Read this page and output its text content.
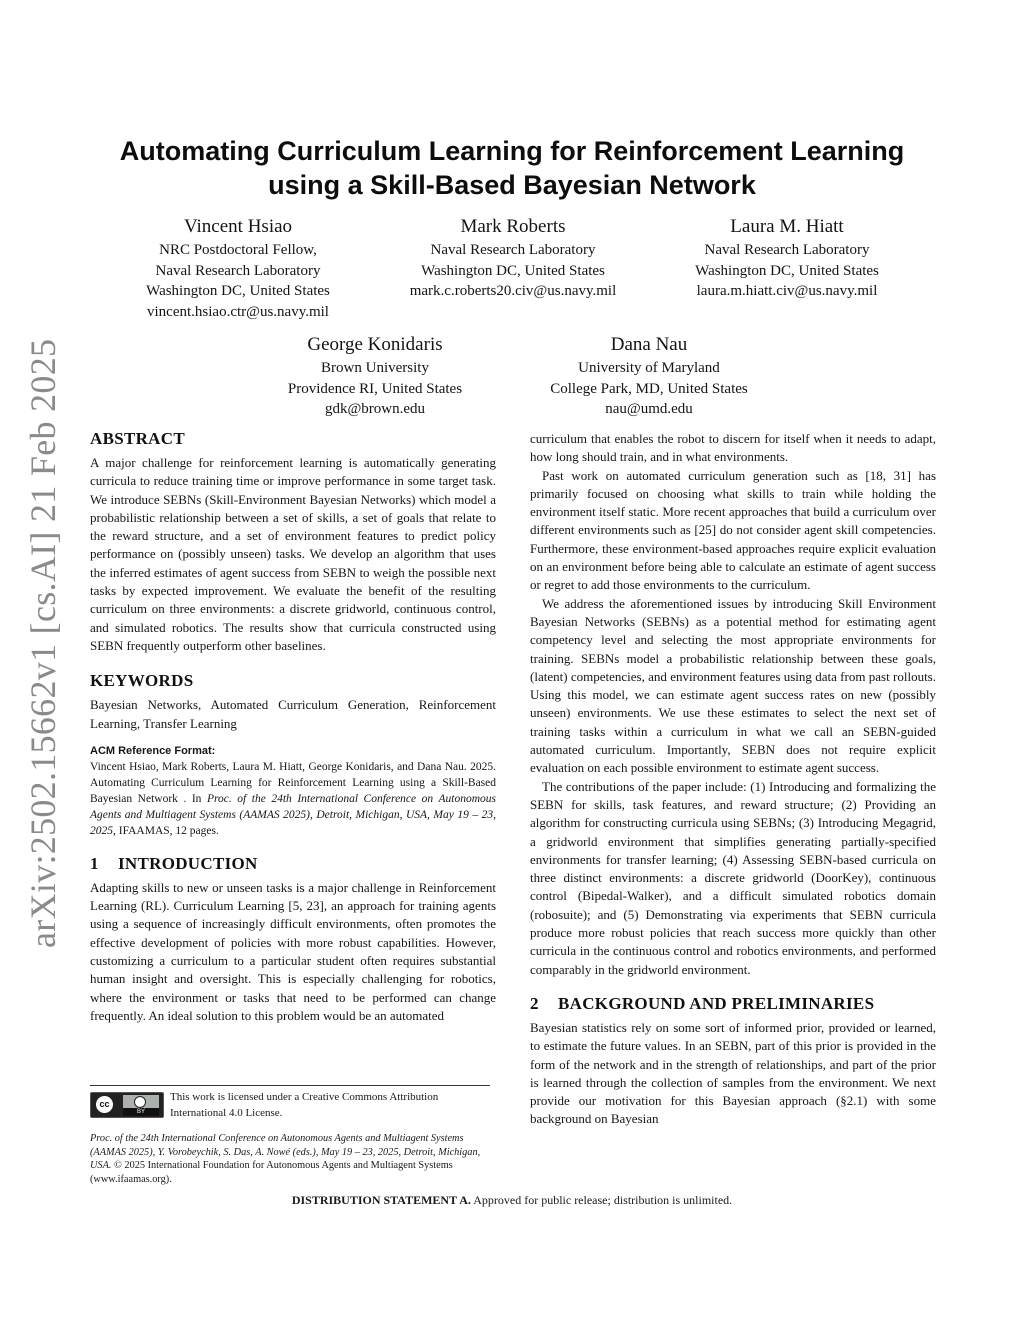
Automating Curriculum Learning for Reinforcement Learning
using a Skill-Based Bayesian Network
Vincent Hsiao
NRC Postdoctoral Fellow,
Naval Research Laboratory
Washington DC, United States
vincent.hsiao.ctr@us.navy.mil
Mark Roberts
Naval Research Laboratory
Washington DC, United States
mark.c.roberts20.civ@us.navy.mil
Laura M. Hiatt
Naval Research Laboratory
Washington DC, United States
laura.m.hiatt.civ@us.navy.mil
George Konidaris
Brown University
Providence RI, United States
gdk@brown.edu
Dana Nau
University of Maryland
College Park, MD, United States
nau@umd.edu
arXiv:2502.15662v1 [cs.AI] 21 Feb 2025 ABSTRACT

A major challenge for reinforcement learning is automatically generating curricula to reduce training time or improve performance in some target task. We introduce SEBNs (Skill-Environment Bayesian Networks) which model a probabilistic relationship between a set of skills, a set of goals that relate to the reward structure, and a set of environment features to predict policy performance on (possibly unseen) tasks. We develop an algorithm that uses the inferred estimates of agent success from SEBN to weigh the possible next tasks by expected improvement. We evaluate the benefit of the resulting curriculum on three environments: a discrete gridworld, continuous control, and simulated robotics. The results show that curricula constructed using SEBN frequently outperform other baselines.

KEYWORDS

Bayesian Networks, Automated Curriculum Generation, Reinforcement Learning, Transfer Learning

ACM Reference Format:
Vincent Hsiao, Mark Roberts, Laura M. Hiatt, George Konidaris, and Dana Nau. 2025. Automating Curriculum Learning for Reinforcement Learning using a Skill-Based Bayesian Network . In Proc. of the 24th International Conference on Autonomous Agents and Multiagent Systems (AAMAS 2025), Detroit, Michigan, USA, May 19 – 23, 2025, IFAAMAS, 12 pages.
1 INTRODUCTION

Adapting skills to new or unseen tasks is a major challenge in Reinforcement Learning (RL). Curriculum Learning [5, 23], an approach for training agents using a sequence of increasingly difficult environments, often promotes the effective development of policies with more robust capabilities. However, customizing a curriculum to a particular student often requires substantial human insight and oversight. This is especially challenging for robotics, where the environment or tasks that need to be performed can change frequently. An ideal solution to this problem would be an automated

cc
BY
This work is licensed under a Creative Commons Attribution International 4.0 License.
Proc. of the 24th International Conference on Autonomous Agents and Multiagent Systems (AAMAS 2025), Y. Vorobeychik, S. Das, A. Nowé (eds.), May 19 – 23, 2025, Detroit, Michigan, USA. © 2025 International Foundation for Autonomous Agents and Multiagent Systems (www.ifaamas.org).

curriculum that enables the robot to discern for itself when it needs to adapt, how long should train, and in what environments.

Past work on automated curriculum generation such as [18, 31] has primarily focused on choosing what skills to train while holding the environment itself static. More recent approaches that build a curriculum over different environments such as [25] do not consider agent skill competencies. Furthermore, these environment-based approaches require explicit evaluation on an environment before being able to calculate an estimate of agent success or regret to add those environments to the curriculum.

We address the aforementioned issues by introducing Skill Environment Bayesian Networks (SEBNs) as a potential method for estimating agent competency level and selecting the most appropriate environments for training. SEBNs model a probabilistic relationship between these goals, (latent) competencies, and environment features using data from past rollouts. Using this model, we can estimate agent success rates on new (possibly unseen) environments. We use these estimates to select the next set of training tasks within a curriculum in what we call an SEBN-guided automated curriculum. Importantly, SEBN does not require explicit evaluation on each possible environment to estimate agent success.

The contributions of the paper include: (1) Introducing and formalizing the SEBN for skills, task features, and reward structure; (2) Providing an algorithm for constructing curricula using SEBNs; (3) Introducing Megagrid, a gridworld environment that simplifies generating partially-specified environments for transfer learning; (4) Assessing SEBN-based curricula on three distinct environments: a discrete gridworld (DoorKey), continuous control (Bipedal-Walker), and a difficult simulated robotics domain (robosuite); and (5) Demonstrating via experiments that SEBN curricula produce more robust policies that reach success more quickly than other curricula in the continuous control and robotics environments, and performed comparably in the gridworld environment.

2 BACKGROUND AND PRELIMINARIES

Bayesian statistics rely on some sort of informed prior, provided or learned, to estimate the future values. In an SEBN, part of this prior is provided in the form of the network and in the strength of relationships, and part of the prior is learned through the collection of samples from the environment. We next provide our motivation for this Bayesian approach (§2.1) with some background on Bayesian

DISTRIBUTION STATEMENT A. Approved for public release; distribution is unlimited.
